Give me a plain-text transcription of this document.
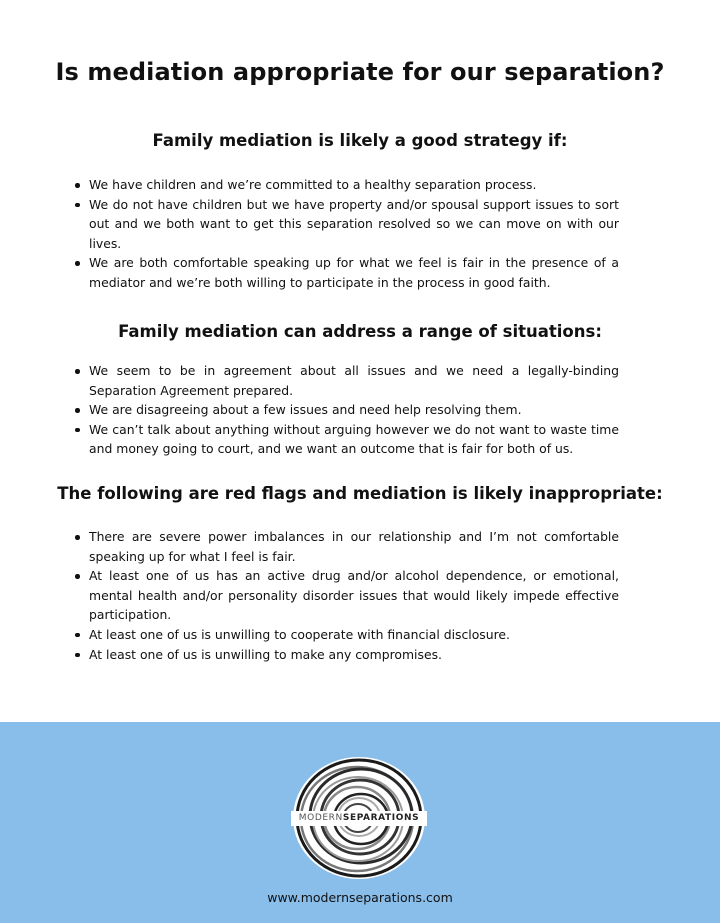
Is mediation appropriate for our separation?
Family mediation is likely a good strategy if:
We have children and we’re committed to a healthy separation process.
We do not have children but we have property and/or spousal support issues to sort out and we both want to get this separation resolved so we can move on with our lives.
We are both comfortable speaking up for what we feel is fair in the presence of a mediator and we’re both willing to participate in the process in good faith.
Family mediation can address a range of situations:
We seem to be in agreement about all issues and we need a legally-binding Separation Agreement prepared.
We are disagreeing about a few issues and need help resolving them.
We can’t talk about anything without arguing however we do not want to waste time and money going to court, and we want an outcome that is fair for both of us.
The following are red flags and mediation is likely inappropriate:
There are severe power imbalances in our relationship and I’m not comfortable speaking up for what I feel is fair.
At least one of us has an active drug and/or alcohol dependence, or emotional, mental health and/or personality disorder issues that would likely impede effective participation.
At least one of us is unwilling to cooperate with financial disclosure.
At least one of us is unwilling to make any compromises.
MODERNSEPARATIONS
www.modernseparations.com
